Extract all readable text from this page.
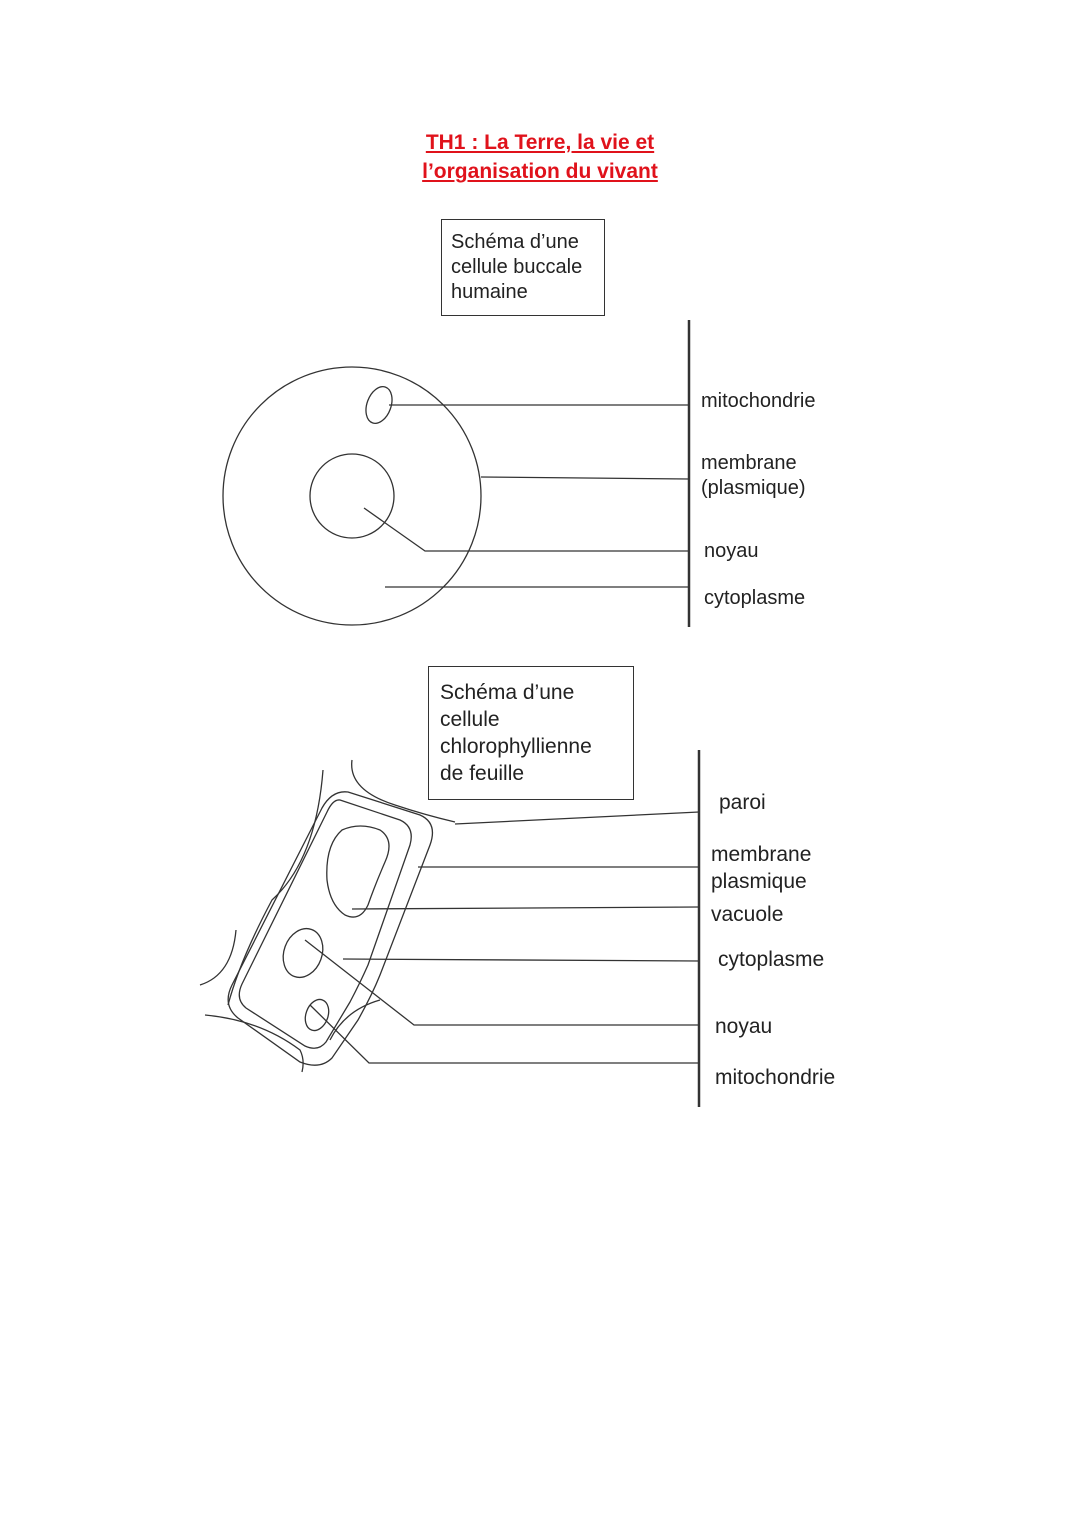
TH1 : La Terre, la vie et
l’organisation du vivant
Schéma d’une
cellule buccale
humaine
mitochondrie
membrane
(plasmique)
noyau
cytoplasme
Schéma d’une
cellule
chlorophyllienne
de feuille
paroi
membrane
plasmique
vacuole
cytoplasme
noyau
mitochondrie
